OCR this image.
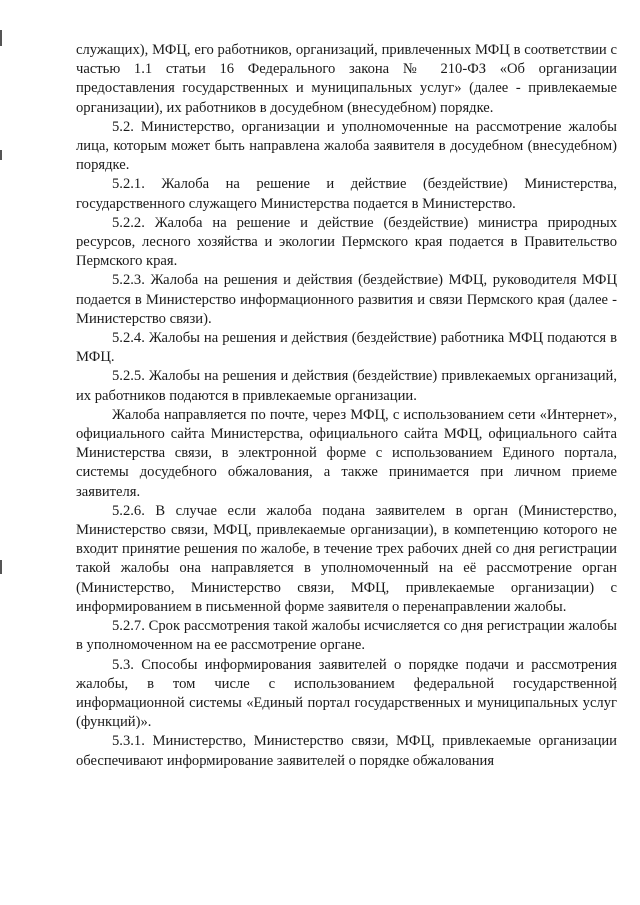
служащих), МФЦ, его работников, организаций, привлеченных МФЦ в соответствии с частью 1.1 статьи 16 Федерального закона № 210-ФЗ «Об организации предоставления государственных и муниципальных услуг» (далее - привлекаемые организации), их работников в досудебном (внесудебном) порядке.

5.2. Министерство, организации и уполномоченные на рассмотрение жалобы лица, которым может быть направлена жалоба заявителя в досудебном (внесудебном) порядке.

5.2.1. Жалоба на решение и действие (бездействие) Министерства, государственного служащего Министерства подается в Министерство.

5.2.2. Жалоба на решение и действие (бездействие) министра природных ресурсов, лесного хозяйства и экологии Пермского края подается в Правительство Пермского края.

5.2.3. Жалоба на решения и действия (бездействие) МФЦ, руководителя МФЦ подается в Министерство информационного развития и связи Пермского края (далее - Министерство связи).

5.2.4. Жалобы на решения и действия (бездействие) работника МФЦ подаются в МФЦ.

5.2.5. Жалобы на решения и действия (бездействие) привлекаемых организаций, их работников подаются в привлекаемые организации.

Жалоба направляется по почте, через МФЦ, с использованием сети «Интернет», официального сайта Министерства, официального сайта МФЦ, официального сайта Министерства связи, в электронной форме с использованием Единого портала, системы досудебного обжалования, а также принимается при личном приеме заявителя.

5.2.6. В случае если жалоба подана заявителем в орган (Министерство, Министерство связи, МФЦ, привлекаемые организации), в компетенцию которого не входит принятие решения по жалобе, в течение трех рабочих дней со дня регистрации такой жалобы она направляется в уполномоченный на её рассмотрение орган (Министерство, Министерство связи, МФЦ, привлекаемые организации) с информированием в письменной форме заявителя о перенаправлении жалобы.

5.2.7. Срок рассмотрения такой жалобы исчисляется со дня регистрации жалобы в уполномоченном на ее рассмотрение органе.

5.3. Способы информирования заявителей о порядке подачи и рассмотрения жалобы, в том числе с использованием федеральной государственной информационной системы «Единый портал государственных и муниципальных услуг (функций)».

5.3.1. Министерство, Министерство связи, МФЦ, привлекаемые организации обеспечивают информирование заявителей о порядке обжалования
